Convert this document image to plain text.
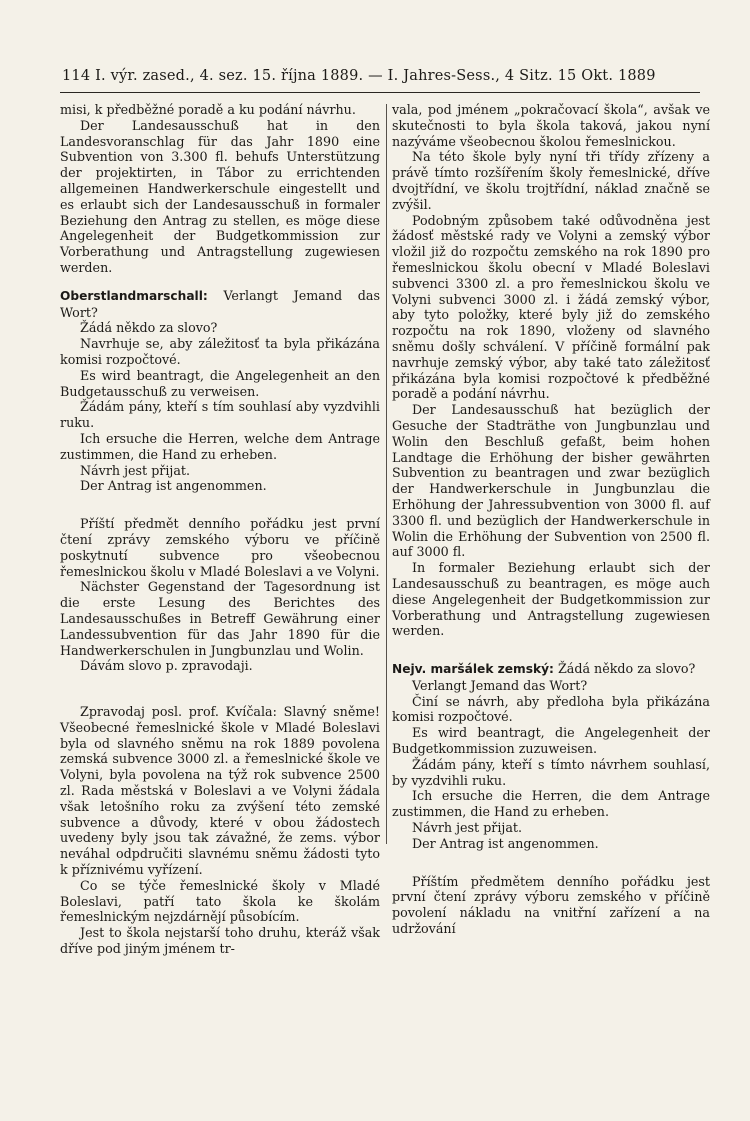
114 I. výr. zased., 4. sez. 15. října 1889. — I. Jahres-Sess., 4 Sitz. 15 Okt. 1889

misi, k předběžné poradě a ku podání návrhu.

Der Landesausschuß hat in den Landesvoranschlag für das Jahr 1890 eine Subvention von 3.300 fl. behufs Unterstützung der projektirten, in Tábor zu errichtenden allgemeinen Handwerkerschule eingestellt und es erlaubt sich der Landesausschuß in formaler Beziehung den Antrag zu stellen, es möge diese Angelegenheit der Budgetkommission zur Vorberathung und Antragstellung zugewiesen werden.

Oberstlandmarschall: Verlangt Jemand das Wort?

Žádá někdo za slovo?

Navrhuje se, aby záležitosť ta byla přikázána komisi rozpočtové.

Es wird beantragt, die Angelegenheit an den Budgetausschuß zu verweisen.

Žádám pány, kteří s tím souhlasí aby vyzdvihli ruku.

Ich ersuche die Herren, welche dem Antrage zustimmen, die Hand zu erheben.

Návrh jest přijat.

Der Antrag ist angenommen.

Příští předmět denního pořádku jest první čtení zprávy zemského výboru ve příčině poskytnutí subvence pro všeobecnou řemeslnickou školu v Mladé Boleslavi a ve Volyni.

Nächster Gegenstand der Tagesordnung ist die erste Lesung des Berichtes des Landesausschußes in Betreff Gewährung einer Landessubvention für das Jahr 1890 für die Handwerkerschulen in Jungbunzlau und Wolin.

Dávám slovo p. zpravodaji.

Zpravodaj posl. prof. Kvíčala: Slavný sněme! Všeobecné řemeslnické škole v Mladé Boleslavi byla od slavného sněmu na rok 1889 povolena zemská subvence 3000 zl. a řemeslnické škole ve Volyni, byla povolena na týž rok subvence 2500 zl. Rada městská v Boleslavi a ve Volyni žádala však letošního roku za zvýšení této zemské subvence a důvody, které v obou žádostech uvedeny byly jsou tak závažné, že zems. výbor neváhal odpdručiti slavnému sněmu žádosti tyto k příznivému vyřízení.

Co se týče řemeslnické školy v Mladé Boleslavi, patří tato škola ke školám řemeslnickým nejzdárnějí působícím.

Jest to škola nejstarší toho druhu, kteráž však dříve pod jiným jménem tr-

vala, pod jménem „pokračovací škola“, avšak ve skutečnosti to byla škola taková, jakou nyní nazýváme všeobecnou školou řemeslnickou.

Na této škole byly nyní tři třídy zřízeny a právě tímto rozšířením školy řemeslnické, dříve dvojtřídní, ve školu trojtřídní, náklad značně se zvýšil.

Podobným způsobem také odůvodněna jest žádosť městské rady ve Volyni a zemský výbor vložil již do rozpočtu zemského na rok 1890 pro řemeslnickou školu obecní v Mladé Boleslavi subvenci 3300 zl. a pro řemeslnickou školu ve Volyni subvenci 3000 zl. i žádá zemský výbor, aby tyto položky, které byly již do zemského rozpočtu na rok 1890, vloženy od slavného sněmu došly schválení. V příčině formální pak navrhuje zemský výbor, aby také tato záležitosť přikázána byla komisi rozpočtové k předběžné poradě a podání návrhu.

Der Landesausschuß hat bezüglich der Gesuche der Stadträthe von Jungbunzlau und Wolin den Beschluß gefaßt, beim hohen Landtage die Erhöhung der bisher gewährten Subvention zu beantragen und zwar bezüglich der Handwerkerschule in Jungbunzlau die Erhöhung der Jahressubvention von 3000 fl. auf 3300 fl. und bezüglich der Handwerkerschule in Wolin die Erhöhung der Subvention von 2500 fl. auf 3000 fl.

In formaler Beziehung erlaubt sich der Landesausschuß zu beantragen, es möge auch diese Angelegenheit der Budgetkommission zur Vorberathung und Antragstellung zugewiesen werden.

Nejv. maršálek zemský: Žádá někdo za slovo?

Verlangt Jemand das Wort?

Činí se návrh, aby předloha byla přikázána komisi rozpočtové.

Es wird beantragt, die Angelegenheit der Budgetkommission zuzuweisen.

Žádám pány, kteří s tímto návrhem souhlasí, by vyzdvihli ruku.

Ich ersuche die Herren, die dem Antrage zustimmen, die Hand zu erheben.

Návrh jest přijat.

Der Antrag ist angenommen.

Příštím předmětem denního pořádku jest první čtení zprávy výboru zemského v příčině povolení nákladu na vnitřní zařízení a na udržování
